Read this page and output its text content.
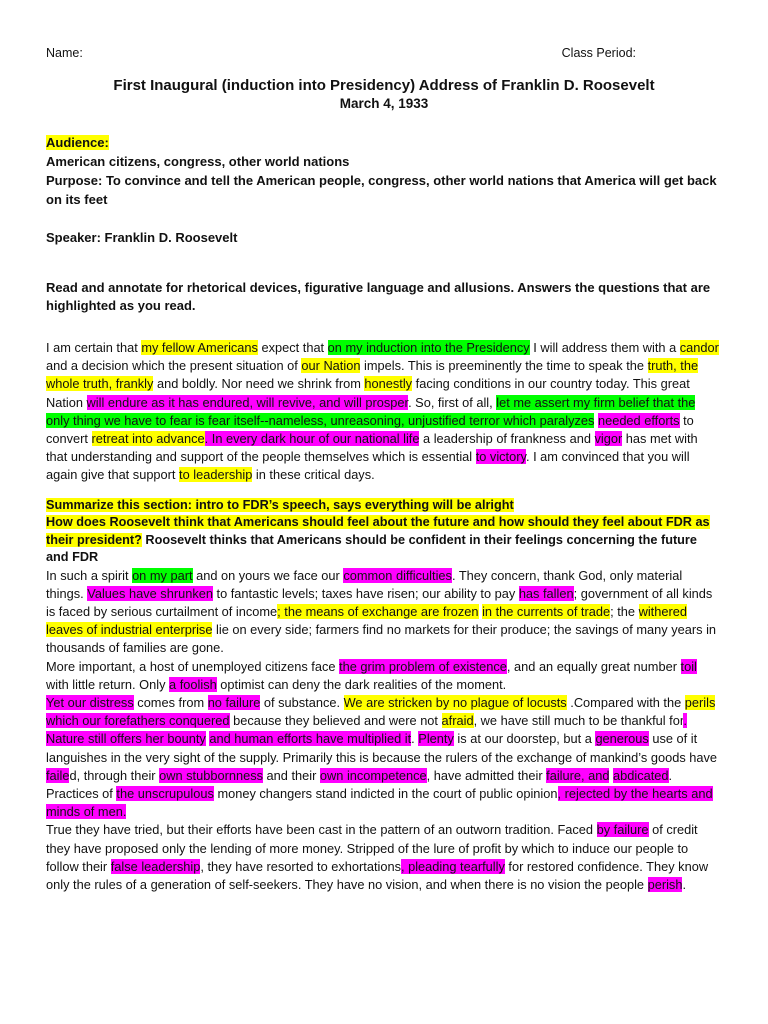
Name:	Class Period:
First Inaugural (induction into Presidency) Address of Franklin D. Roosevelt
March 4, 1933
Audience:
American citizens, congress, other world nations
Purpose: To convince and tell the American people, congress, other world nations that America will get back on its feet
Speaker: Franklin D. Roosevelt
Read and annotate for rhetorical devices, figurative language and allusions. Answers the questions that are highlighted as you read.

I am certain that my fellow Americans expect that on my induction into the Presidency I will address them with a candor and a decision which the present situation of our Nation impels. This is preeminently the time to speak the truth, the whole truth, frankly and boldly. Nor need we shrink from honestly facing conditions in our country today. This great Nation will endure as it has endured, will revive, and will prosper. So, first of all, let me assert my firm belief that the only thing we have to fear is fear itself--nameless, unreasoning, unjustified terror which paralyzes needed efforts to convert retreat into advance. In every dark hour of our national life a leadership of frankness and vigor has met with that understanding and support of the people themselves which is essential to victory. I am convinced that you will again give that support to leadership in these critical days.

Summarize this section: intro to FDR’s speech, says everything will be alright
How does Roosevelt think that Americans should feel about the future and how should they feel about FDR as their president? Roosevelt thinks that Americans should be confident in their feelings concerning the future and FDR

In such a spirit on my part and on yours we face our common difficulties. They concern, thank God, only material things. Values have shrunken to fantastic levels; taxes have risen; our ability to pay has fallen; government of all kinds is faced by serious curtailment of income; the means of exchange are frozen in the currents of trade; the withered leaves of industrial enterprise lie on every side; farmers find no markets for their produce; the savings of many years in thousands of families are gone.

More important, a host of unemployed citizens face the grim problem of existence, and an equally great number toil with little return. Only a foolish optimist can deny the dark realities of the moment.

Yet our distress comes from no failure of substance. We are stricken by no plague of locusts .Compared with the perils which our forefathers conquered because they believed and were not afraid, we have still much to be thankful for. Nature still offers her bounty and human efforts have multiplied it. Plenty is at our doorstep, but a generous use of it languishes in the very sight of the supply. Primarily this is because the rulers of the exchange of mankind’s goods have failed, through their own stubbornness and their own incompetence, have admitted their failure, and abdicated. Practices of the unscrupulous money changers stand indicted in the court of public opinion, rejected by the hearts and minds of men.

True they have tried, but their efforts have been cast in the pattern of an outworn tradition. Faced by failure of credit they have proposed only the lending of more money. Stripped of the lure of profit by which to induce our people to follow their false leadership, they have resorted to exhortations, pleading tearfully for restored confidence. They know only the rules of a generation of self-seekers. They have no vision, and when there is no vision the people perish.
